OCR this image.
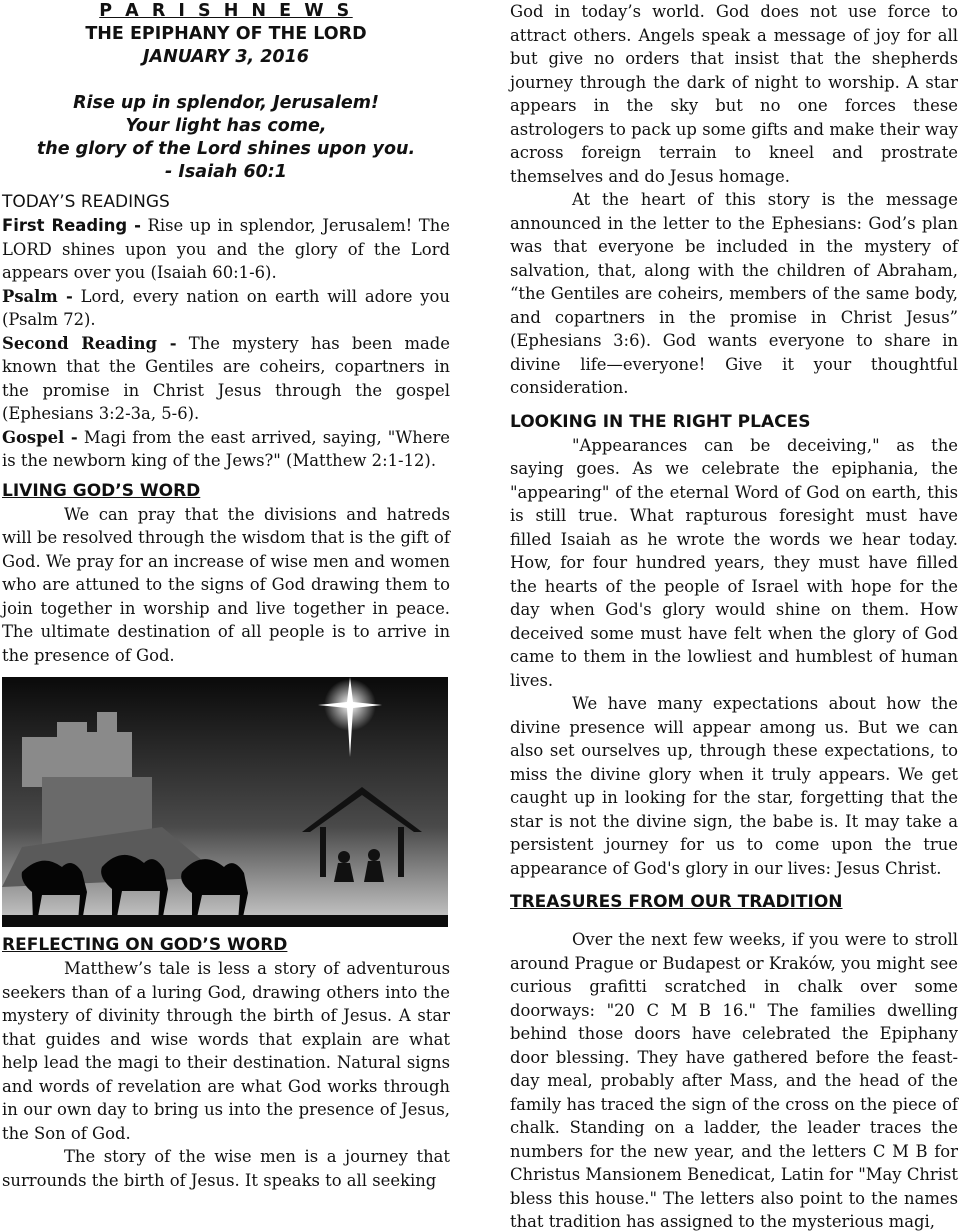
P A R I S H N E W S
THE EPIPHANY OF THE LORD
JANUARY 3, 2016
Rise up in splendor, Jerusalem!
Your light has come,
the glory of the Lord shines upon you.
- Isaiah 60:1
TODAY’S READINGS

First Reading - Rise up in splendor, Jerusalem! The LORD shines upon you and the glory of the Lord appears over you (Isaiah 60:1-6).

Psalm - Lord, every nation on earth will adore you (Psalm 72).

Second Reading - The mystery has been made known that the Gentiles are coheirs, copartners in the promise in Christ Jesus through the gospel (Ephesians 3:2-3a, 5-6).

Gospel - Magi from the east arrived, saying, "Where is the newborn king of the Jews?" (Matthew 2:1-12).

LIVING GOD’S WORD

We can pray that the divisions and hatreds will be resolved through the wisdom that is the gift of God. We pray for an increase of wise men and women who are attuned to the signs of God drawing them to join together in worship and live together in peace. The ultimate destination of all people is to arrive in the presence of God.

REFLECTING ON GOD’S WORD

Matthew’s tale is less a story of adventurous seekers than of a luring God, drawing others into the mystery of divinity through the birth of Jesus. A star that guides and wise words that explain are what help lead the magi to their destination. Natural signs and words of revelation are what God works through in our own day to bring us into the presence of Jesus, the Son of God.

The story of the wise men is a journey that surrounds the birth of Jesus. It speaks to all seeking

God in today’s world. God does not use force to attract others. Angels speak a message of joy for all but give no orders that insist that the shepherds journey through the dark of night to worship. A star appears in the sky but no one forces these astrologers to pack up some gifts and make their way across foreign terrain to kneel and prostrate themselves and do Jesus homage.

At the heart of this story is the message announced in the letter to the Ephesians: God’s plan was that everyone be included in the mystery of salvation, that, along with the children of Abraham, “the Gentiles are coheirs, members of the same body, and copartners in the promise in Christ Jesus” (Ephesians 3:6). God wants everyone to share in divine life—everyone! Give it your thoughtful consideration.

LOOKING IN THE RIGHT PLACES

"Appearances can be deceiving," as the saying goes. As we celebrate the epiphania, the "appearing" of the eternal Word of God on earth, this is still true. What rapturous foresight must have filled Isaiah as he wrote the words we hear today. How, for four hundred years, they must have filled the hearts of the people of Israel with hope for the day when God's glory would shine on them. How deceived some must have felt when the glory of God came to them in the lowliest and humblest of human lives.

We have many expectations about how the divine presence will appear among us. But we can also set ourselves up, through these expectations, to miss the divine glory when it truly appears. We get caught up in looking for the star, forgetting that the star is not the divine sign, the babe is. It may take a persistent journey for us to come upon the true appearance of God's glory in our lives: Jesus Christ.

TREASURES FROM OUR TRADITION

Over the next few weeks, if you were to stroll around Prague or Budapest or Kraków, you might see curious grafitti scratched in chalk over some doorways: "20 C M B 16." The families dwelling behind those doors have celebrated the Epiphany door blessing. They have gathered before the feast-day meal, probably after Mass, and the head of the family has traced the sign of the cross on the piece of chalk. Standing on a ladder, the leader traces the numbers for the new year, and the letters C M B for Christus Mansionem Benedicat, Latin for "May Christ bless this house." The letters also point to the names that tradition has assigned to the mysterious magi,
